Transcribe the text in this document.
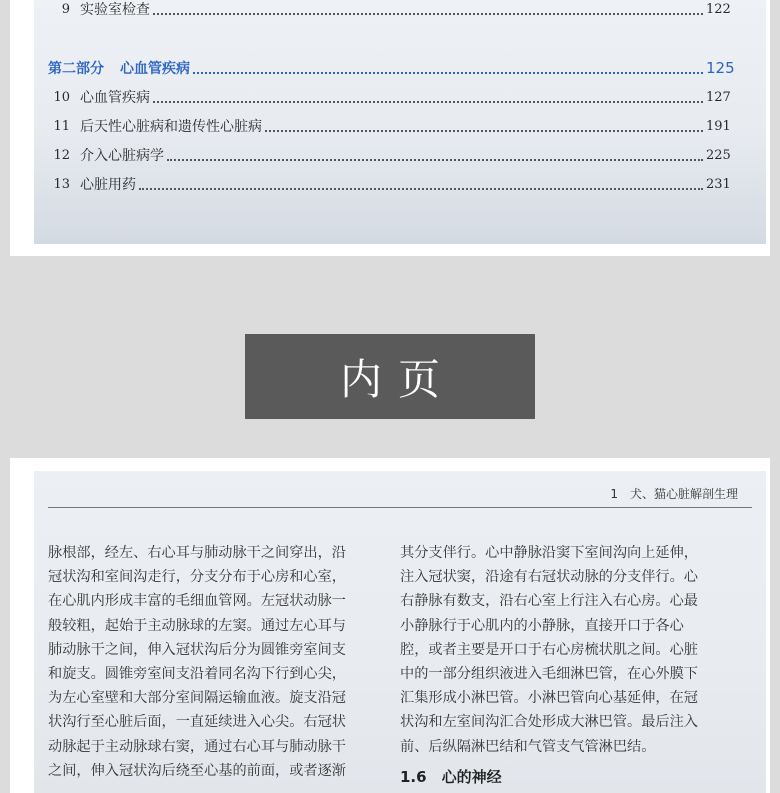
9 实验室检查	122
第二部分 心血管疾病	125
10 心血管疾病	127
11 后天性心脏病和遗传性心脏病	191
12 介入心脏病学	225
13 心脏用药	231
内页
1　犬、猫心脏解剖生理
脉根部，经左、右心耳与肺动脉干之间穿出，沿
冠状沟和室间沟走行，分支分布于心房和心室，
在心肌内形成丰富的毛细血管网。左冠状动脉一
般较粗，起始于主动脉球的左窦。通过左心耳与
肺动脉干之间，伸入冠状沟后分为圆锥旁室间支
和旋支。圆锥旁室间支沿着同名沟下行到心尖，
为左心室壁和大部分室间隔运输血液。旋支沿冠
状沟行至心脏后面，一直延续进入心尖。右冠状
动脉起于主动脉球右窦，通过右心耳与肺动脉干
之间，伸入冠状沟后绕至心基的前面，或者逐渐
其分支伴行。心中静脉沿窦下室间沟向上延伸，
注入冠状窦，沿途有右冠状动脉的分支伴行。心
右静脉有数支，沿右心室上行注入右心房。心最
小静脉行于心肌内的小静脉，直接开口于各心
腔，或者主要是开口于右心房梳状肌之间。心脏
中的一部分组织液进入毛细淋巴管，在心外膜下
汇集形成小淋巴管。小淋巴管向心基延伸，在冠
状沟和左室间沟汇合处形成大淋巴管。最后注入
前、后纵隔淋巴结和气管支气管淋巴结。
1.6　心的神经
